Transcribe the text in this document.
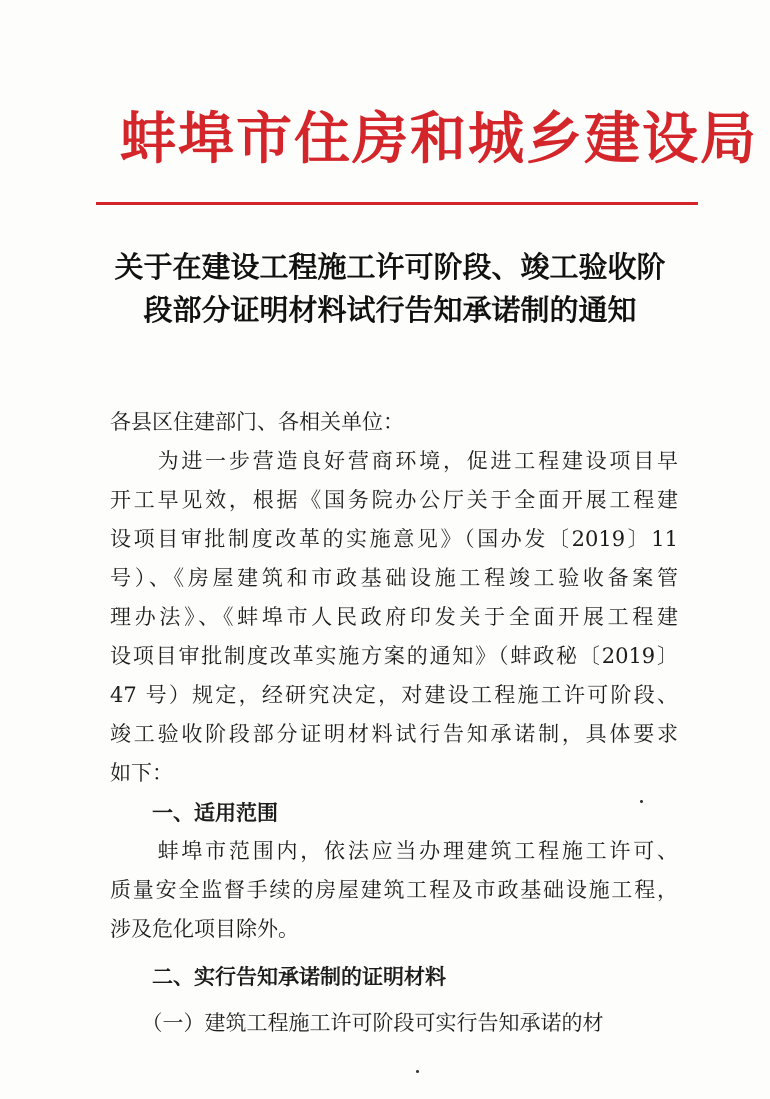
蚌埠市住房和城乡建设局
关于在建设工程施工许可阶段、竣工验收阶
段部分证明材料试行告知承诺制的通知
各县区住建部门、各相关单位：
　　为进一步营造良好营商环境，促进工程建设项目早
开工早见效，根据《国务院办公厅关于全面开展工程建
设项目审批制度改革的实施意见》（国办发〔2019〕11
号）、《房屋建筑和市政基础设施工程竣工验收备案管
理办法》、《蚌埠市人民政府印发关于全面开展工程建
设项目审批制度改革实施方案的通知》（蚌政秘〔2019〕
47 号）规定，经研究决定，对建设工程施工许可阶段、
竣工验收阶段部分证明材料试行告知承诺制，具体要求
如下：
　　一、适用范围
　　蚌埠市范围内，依法应当办理建筑工程施工许可、
质量安全监督手续的房屋建筑工程及市政基础设施工程，
涉及危化项目除外。
　　二、实行告知承诺制的证明材料
　　（一）建筑工程施工许可阶段可实行告知承诺的材
